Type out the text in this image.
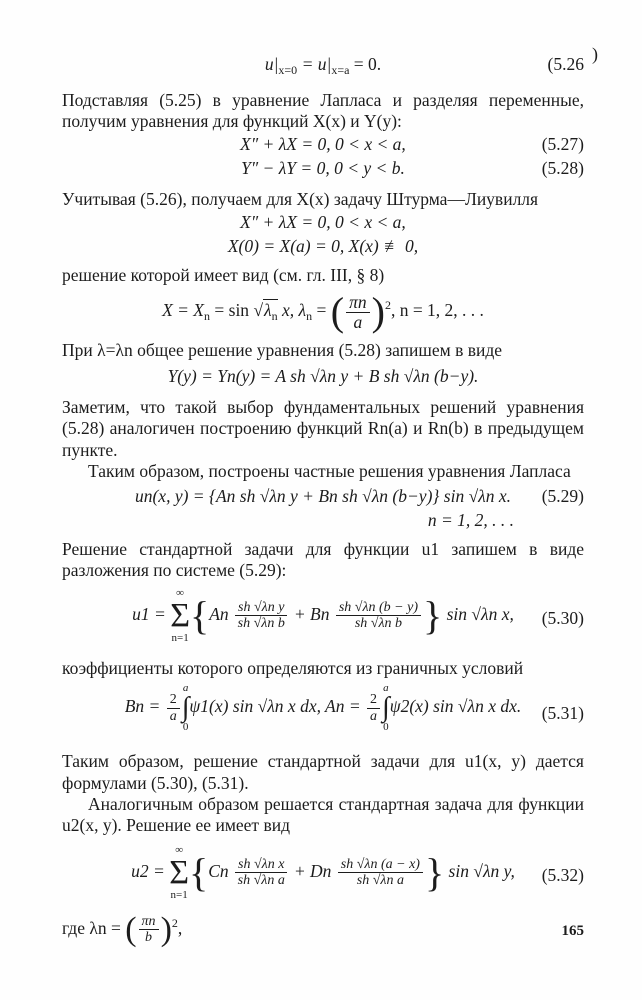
)
$u|_{x=0} = u|_{x=a} = 0$.	(5.26

Подставляя (5.25) в уравнение Лапласа и разделяя переменные, получим уравнения для функций X(x) и Y(y):

X″ + λX = 0, 0 < x < a,	(5.27)
Y″ − λY = 0, 0 < y < b.	(5.28)

Учитывая (5.26), получаем для X(x) задачу Штурма—Лиувилля

X″ + λX = 0, 0 < x < a,
X(0) = X(a) = 0, X(x) ≢ 0,

решение которой имеет вид (см. гл. III, § 8)

$X = X_n = \sin √\lambda_n$ x, $\lambda_n$ = ( $\frac{\pi n}{a} )^2$, n = 1, 2, . . .

При λ=λn общее решение уравнения (5.28) запишем в виде

Y(y) = Yn(y) = A sh √λn y + B sh √λn (b−y).

Заметим, что такой выбор фундаментальных решений уравнения (5.28) аналогичен построению функций Rn(a) и Rn(b) в предыдущем пункте.

Таким образом, построены частные решения уравнения Лапласа

un(x, y) = {An sh √λn y + Bn sh √λn (b−y)} sin √λn x. (5.29)
n = 1, 2, . . .

Решение стандартной задачи для функции u1 запишем в виде разложения по системе (5.29):

u1 =
∞
Σ
n=1 {$An \frac{\text{sh √λn y}}{\text{sh √λn b}} + Bn \frac{sh √\lambda n (b - y)}{\text{sh √λn b}}$ } sin √λn x, (5.30)

коэффициенты которого определяются из граничных условий

$Bn = \frac{2}{a}$
a
∫
0
ψ1(x) sin √λn x dx, $An = \frac{2}{a}$
a
∫
0
ψ2(x) sin √λn x dx. (5.31)

Таким образом, решение стандартной задачи для u1(x, y) дается формулами (5.30), (5.31).

Аналогичным образом решается стандартная задача для функции u2(x, y). Решение ее имеет вид

u2 =
∞
Σ
n=1 {$Cn \frac{\text{sh √λn x}}{\text{sh √λn a}} + Dn \frac{sh √\lambda n (a - x)}{\text{sh √λn a}}$ } sin √λn y, (5.32)
где λn = ( $\frac{\pi n}{b} )^2$,	165
